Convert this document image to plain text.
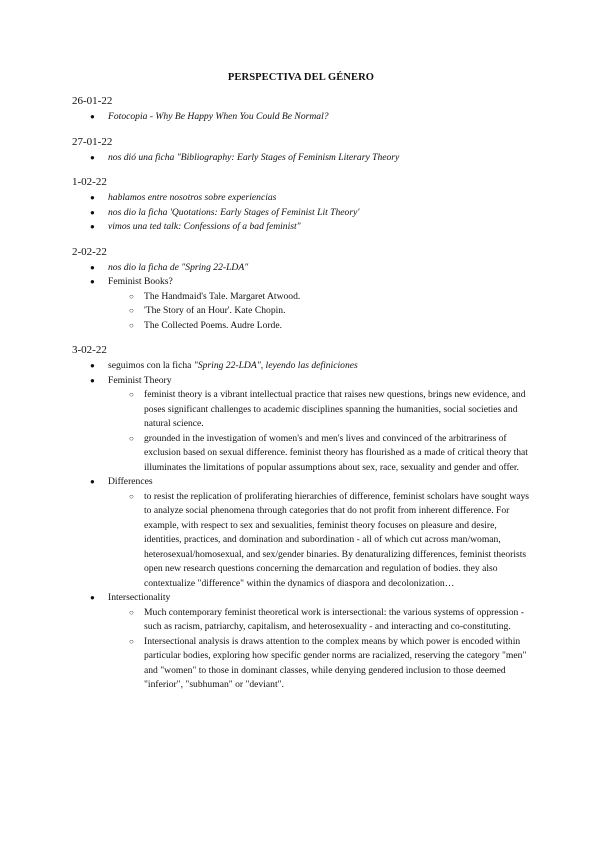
PERSPECTIVA DEL GÉNERO
26-01-22
● Fotocopia - Why Be Happy When You Could Be Normal?
27-01-22
● nos dió una ficha "Bibliography: Early Stages of Feminism Literary Theory
1-02-22
● hablamos entre nosotros sobre experiencias
● nos dio la ficha 'Quotations: Early Stages of Feminist Lit Theory'
● vimos una ted talk: Confessions of a bad feminist"
2-02-22
● nos dio la ficha de "Spring 22-LDA"
● Feminist Books?
○ The Handmaid's Tale. Margaret Atwood.
○ 'The Story of an Hour'. Kate Chopin.
○ The Collected Poems. Audre Lorde.
3-02-22
● seguimos con la ficha "Spring 22-LDA", leyendo las definiciones
● Feminist Theory
○ feminist theory is a vibrant intellectual practice that raises new questions, brings new evidence, and poses significant challenges to academic disciplines spanning the humanities, social societies and natural science.
○ grounded in the investigation of women's and men's lives and convinced of the arbitrariness of exclusion based on sexual difference. feminist theory has flourished as a made of critical theory that illuminates the limitations of popular assumptions about sex, race, sexuality and gender and offer.
● Differences
○ to resist the replication of proliferating hierarchies of difference, feminist scholars have sought ways to analyze social phenomena through categories that do not profit from inherent difference. For example, with respect to sex and sexualities, feminist theory focuses on pleasure and desire, identities, practices, and domination and subordination - all of which cut across man/woman, heterosexual/homosexual, and sex/gender binaries. By denaturalizing differences, feminist theorists open new research questions concerning the demarcation and regulation of bodies. they also contextualize "difference" within the dynamics of diaspora and decolonization…
● Intersectionality
○ Much contemporary feminist theoretical work is intersectional: the various systems of oppression - such as racism, patriarchy, capitalism, and heterosexuality - and interacting and co-constituting.
○ Intersectional analysis is draws attention to the complex means by which power is encoded within particular bodies, exploring how specific gender norms are racialized, reserving the category "men" and "women" to those in dominant classes, while denying gendered inclusion to those deemed "inferior", "subhuman" or "deviant".
